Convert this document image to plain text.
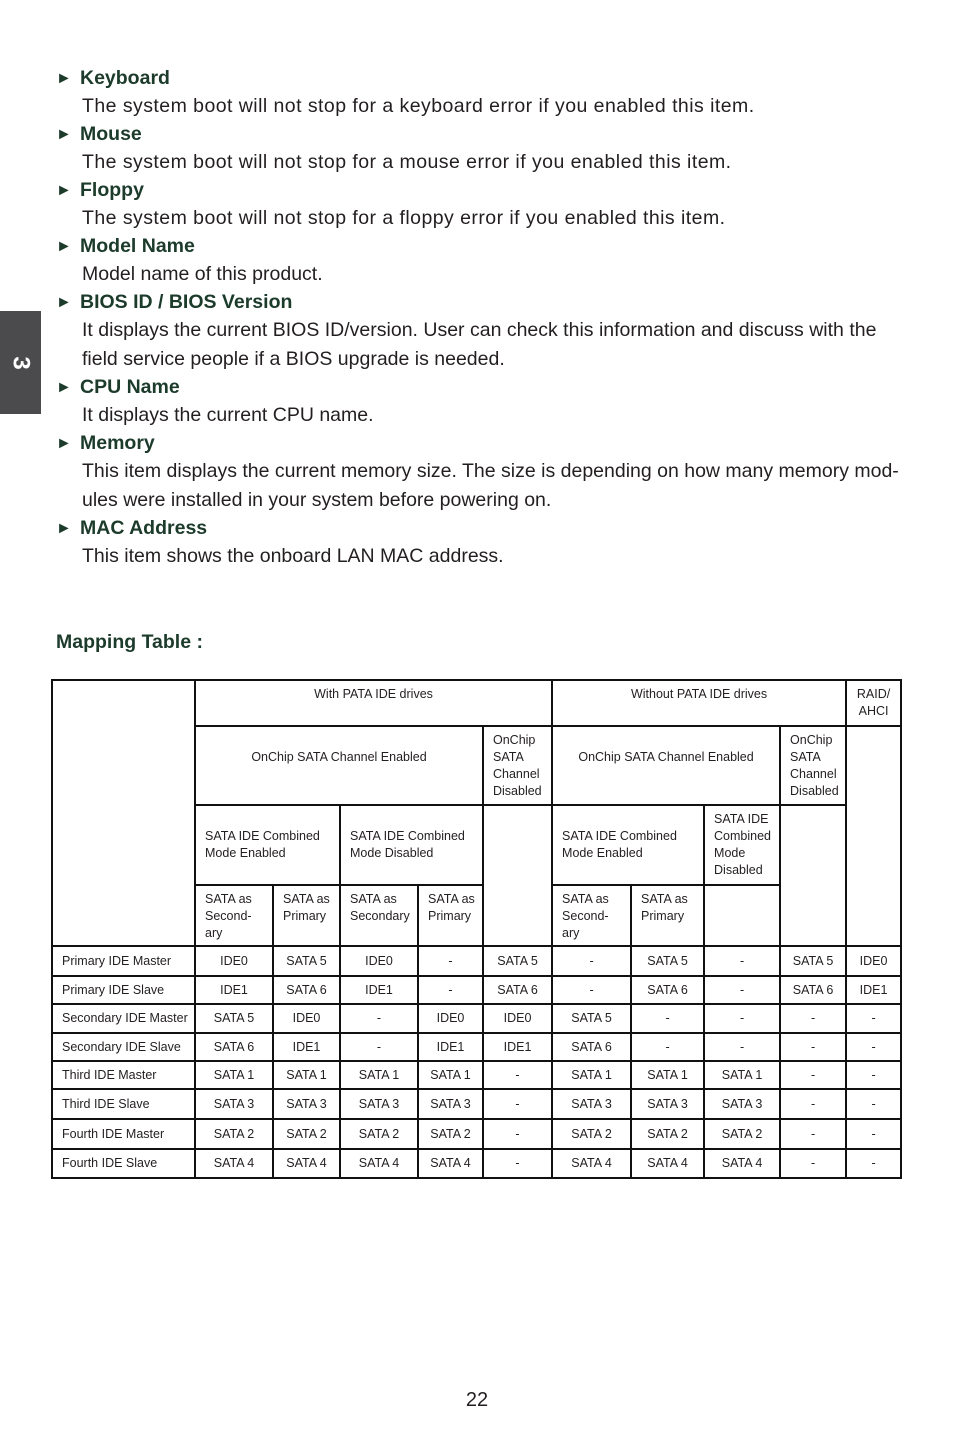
3
► Keyboard
The system boot will not stop for a keyboard error if you enabled this item.
► Mouse
The system boot will not stop for a mouse error if you enabled this item.
► Floppy
The system boot will not stop for a floppy error if you enabled this item.
► Model Name
Model name of this product.
► BIOS ID / BIOS Version
It displays the current BIOS ID/version. User can check this information and discuss with the
field service people if a BIOS upgrade is needed.
► CPU Name
It displays the current CPU name.
► Memory
This item displays the current memory size. The size is depending on how many memory mod-
ules were installed in your system before powering on.
► MAC Address
This item shows the onboard LAN MAC address.
Mapping Table :
	With PATA IDE drives					Without PATA IDE drives				RAID/
AHCI
	OnChip SATA Channel Enabled				OnChip
SATA
Channel
Disabled	OnChip SATA Channel Enabled			OnChip
SATA
Channel
Disabled	
	SATA IDE Combined
Mode Enabled		SATA IDE Combined
Mode Disabled			SATA IDE Combined
Mode Enabled		SATA IDE
Combined
Mode
Disabled		
	SATA as
Second-
ary	SATA as
Primary	SATA as
Secondary	SATA as
Primary		SATA as
Second-
ary	SATA as
Primary			
Primary IDE Master	IDE0	SATA 5	IDE0	-	SATA 5	-	SATA 5	-	SATA 5	IDE0
Primary IDE Slave	IDE1	SATA 6	IDE1	-	SATA 6	-	SATA 6	-	SATA 6	IDE1
Secondary IDE Master	SATA 5	IDE0	-	IDE0	IDE0	SATA 5	-	-	-	-
Secondary IDE Slave	SATA 6	IDE1	-	IDE1	IDE1	SATA 6	-	-	-	-
Third IDE Master	SATA 1	SATA 1	SATA 1	SATA 1	-	SATA 1	SATA 1	SATA 1	-	-
Third IDE Slave	SATA 3	SATA 3	SATA 3	SATA 3	-	SATA 3	SATA 3	SATA 3	-	-
Fourth IDE Master	SATA 2	SATA 2	SATA 2	SATA 2	-	SATA 2	SATA 2	SATA 2	-	-
Fourth IDE Slave	SATA 4	SATA 4	SATA 4	SATA 4	-	SATA 4	SATA 4	SATA 4	-	-
22
